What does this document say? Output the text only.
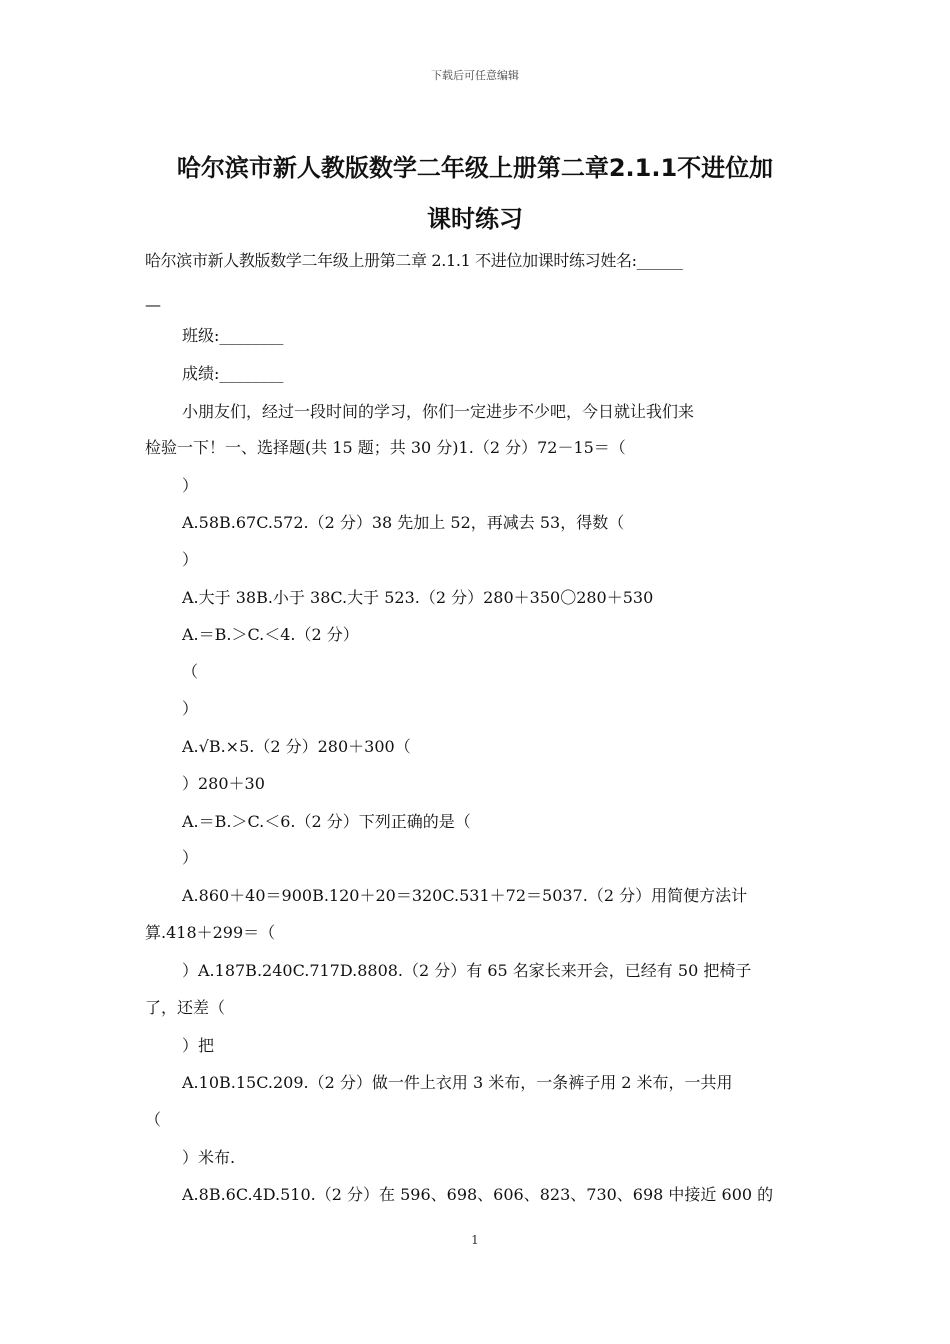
下载后可任意编辑
哈尔滨市新人教版数学二年级上册第二章2.1.1不进位加
课时练习
哈尔滨市新人教版数学二年级上册第二章 2.1.1 不进位加课时练习姓名:______
—
班级:________
成绩:________
小朋友们，经过一段时间的学习，你们一定进步不少吧，今日就让我们来
检验一下！一、选择题(共 15 题；共 30 分)1.（2 分）72－15＝（
）
A.58B.67C.572.（2 分）38 先加上 52，再减去 53，得数（
）
A.大于 38B.小于 38C.大于 523.（2 分）280＋350〇280＋530
A.＝B.＞C.＜4.（2 分）
（
）
A.√B.×5.（2 分）280＋300（
）280＋30
A.＝B.＞C.＜6.（2 分）下列正确的是（
）
A.860＋40＝900B.120＋20＝320C.531＋72＝5037.（2 分）用简便方法计
算.418＋299＝（
）A.187B.240C.717D.8808.（2 分）有 65 名家长来开会，已经有 50 把椅子
了，还差（
）把
A.10B.15C.209.（2 分）做一件上衣用 3 米布，一条裤子用 2 米布，一共用
（
）米布.
A.8B.6C.4D.510.（2 分）在 596、698、606、823、730、698 中接近 600 的
1
